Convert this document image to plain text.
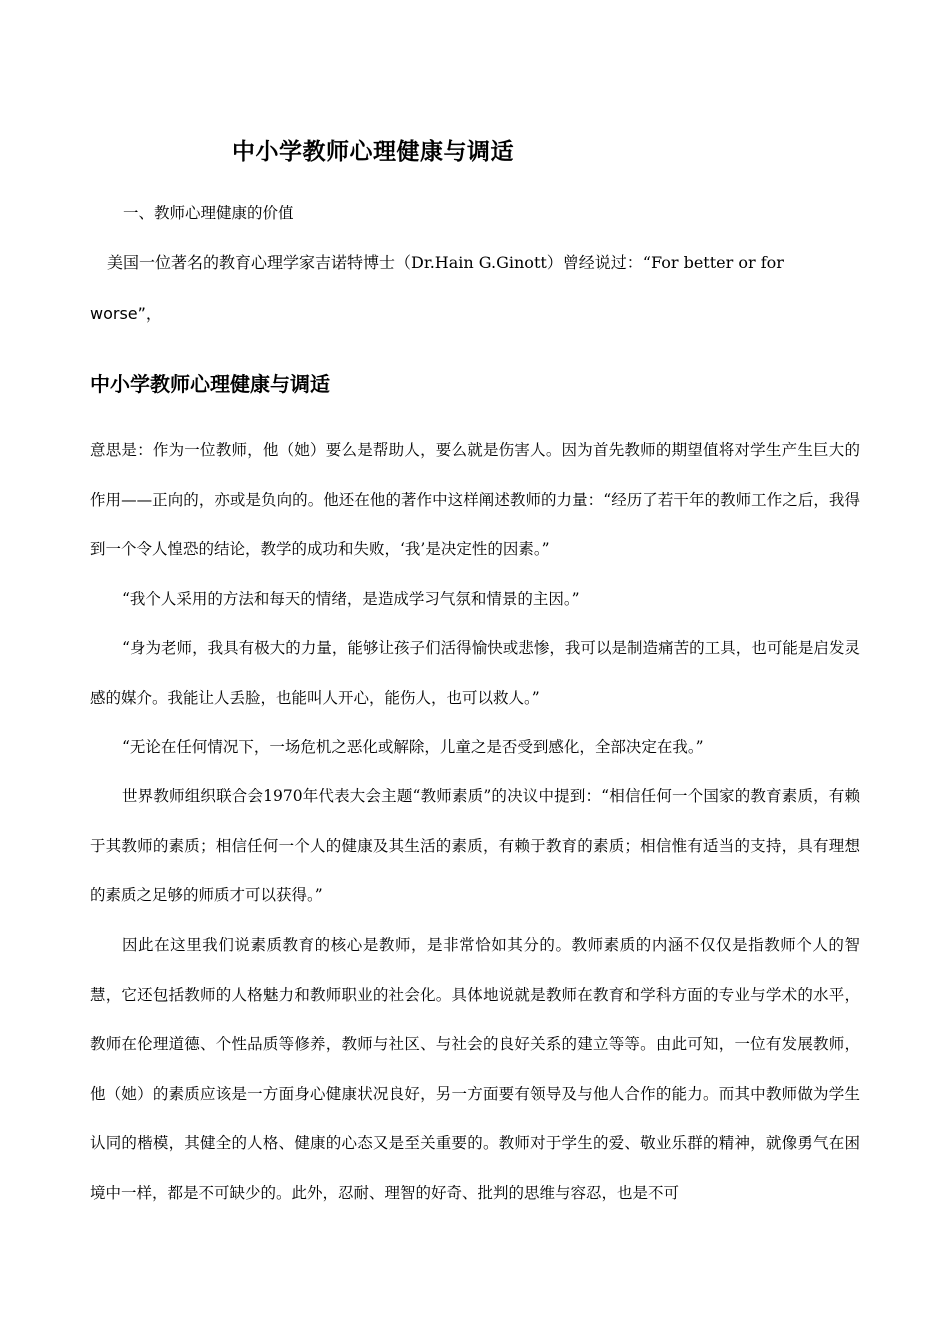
中小学教师心理健康与调适
一、教师心理健康的价值
美国一位著名的教育心理学家吉诺特博士（Dr.Hain G.Ginott）曾经说过：“For better or for
worse”，
中小学教师心理健康与调适

意思是：作为一位教师，他（她）要么是帮助人，要么就是伤害人。因为首先教师的期望值将对学生产生巨大的作用——正向的，亦或是负向的。他还在他的著作中这样阐述教师的力量：“经历了若干年的教师工作之后，我得到一个令人惶恐的结论，教学的成功和失败，‘我’是决定性的因素。”

“我个人采用的方法和每天的情绪，是造成学习气氛和情景的主因。”

“身为老师，我具有极大的力量，能够让孩子们活得愉快或悲惨，我可以是制造痛苦的工具，也可能是启发灵感的媒介。我能让人丢脸，也能叫人开心，能伤人，也可以救人。”

“无论在任何情况下，一场危机之恶化或解除，儿童之是否受到感化，全部决定在我。”

世界教师组织联合会1970年代表大会主题“教师素质”的决议中提到：“相信任何一个国家的教育素质，有赖于其教师的素质；相信任何一个人的健康及其生活的素质，有赖于教育的素质；相信惟有适当的支持，具有理想的素质之足够的师质才可以获得。”

因此在这里我们说素质教育的核心是教师，是非常恰如其分的。教师素质的内涵不仅仅是指教师个人的智慧，它还包括教师的人格魅力和教师职业的社会化。具体地说就是教师在教育和学科方面的专业与学术的水平，教师在伦理道德、个性品质等修养，教师与社区、与社会的良好关系的建立等等。由此可知，一位有发展教师，他（她）的素质应该是一方面身心健康状况良好，另一方面要有领导及与他人合作的能力。而其中教师做为学生认同的楷模，其健全的人格、健康的心态又是至关重要的。教师对于学生的爱、敬业乐群的精神，就像勇气在困境中一样，都是不可缺少的。此外，忍耐、理智的好奇、批判的思维与容忍，也是不可
